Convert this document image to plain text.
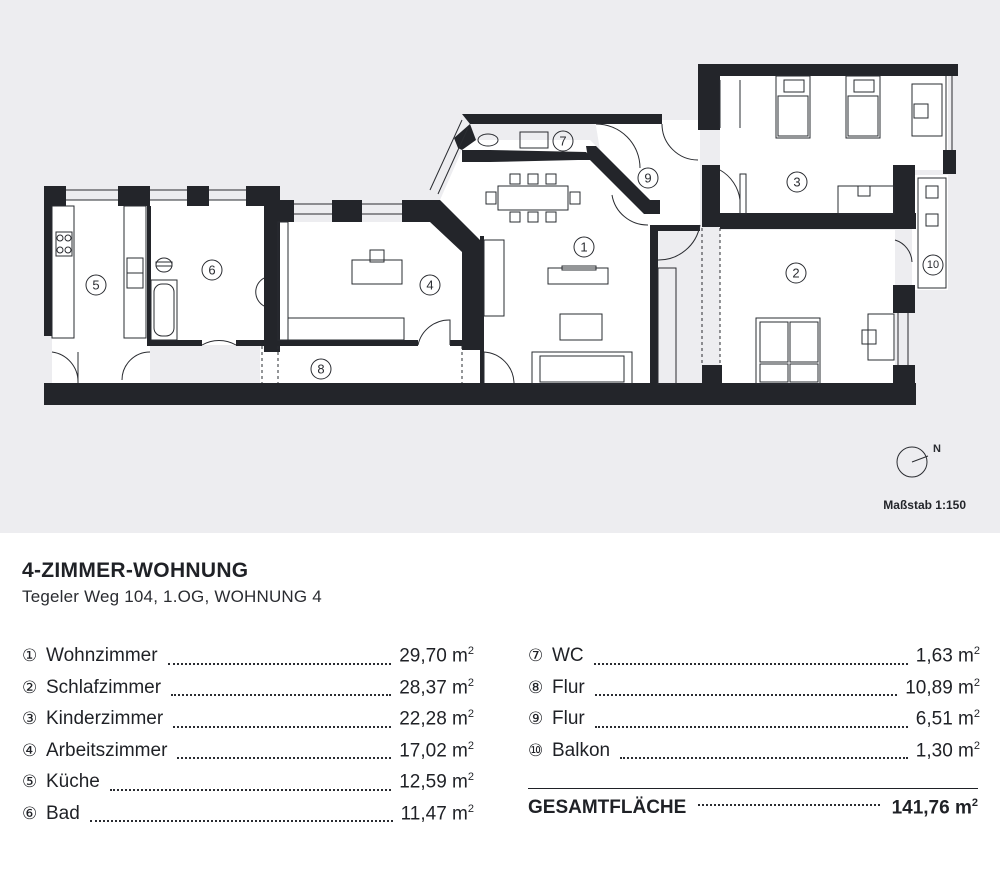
1
2
3
4
5
6
7
8
9
10
N
Maßstab 1:150
4-ZIMMER-WOHNUNG
Tegeler Weg 104, 1.OG, WOHNUNG 4
① Wohnzimmer	29,70 $m^2$
② Schlafzimmer	28,37 $m^2$
③ Kinderzimmer	22,28 $m^2$
④ Arbeitszimmer	17,02 $m^2$
⑤ Küche	12,59 $m^2$
⑥ Bad	11,47 $m^2$
⑦ WC	1,63 $m^2$
⑧ Flur	10,89 $m^2$
⑨ Flur	6,51 $m^2$
⑩ Balkon	1,30 $m^2$
GESAMTFLÄCHE	141,76 $m^2$
